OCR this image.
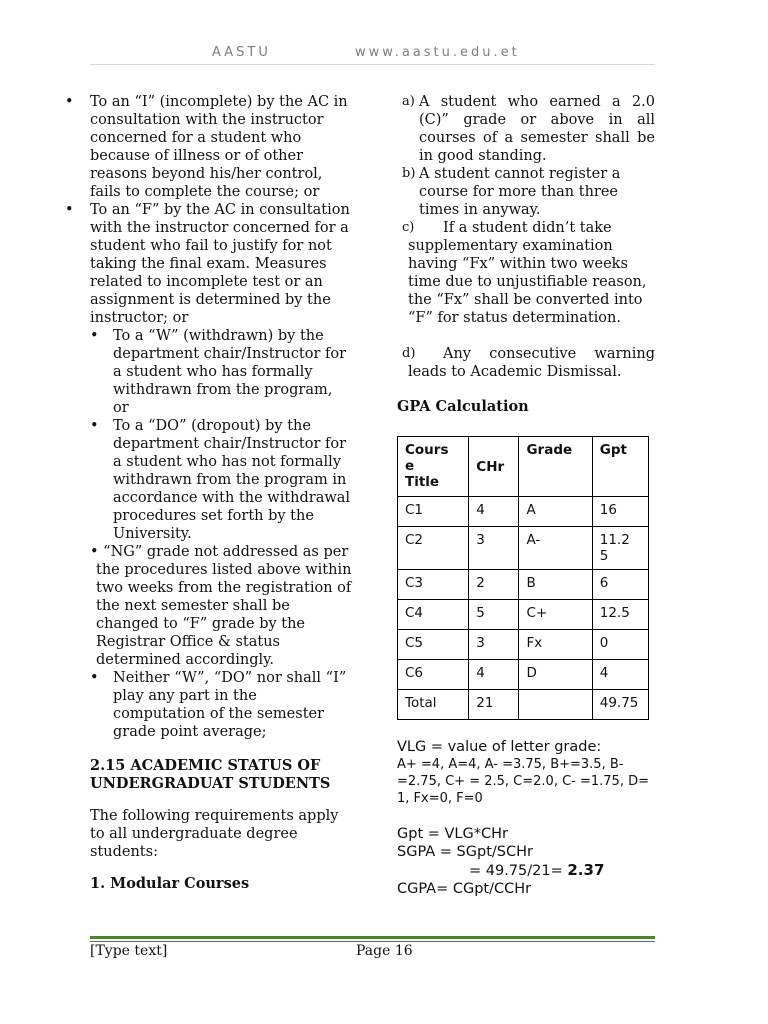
AASTU	www.aastu.edu.et
• To an “I” (incomplete) by the AC in consultation with the instructor concerned for a student who because of illness or of other reasons beyond his/her control, fails to complete the course; or
• To an “F” by the AC in consultation with the instructor concerned for a student who fail to justify for not taking the final exam. Measures related to incomplete test or an assignment is determined by the instructor; or
• To a “W” (withdrawn) by the department chair/Instructor for a student who has formally withdrawn from the program, or
• To a “DO” (dropout) by the department chair/Instructor for a student who has not formally withdrawn from the program in accordance with the withdrawal procedures set forth by the University.
• “NG” grade not addressed as per the procedures listed above within two weeks from the registration of the next semester shall be changed to “F” grade by the Registrar Office & status determined accordingly.
• Neither “W”, “DO” nor shall “I” play any part in the computation of the semester grade point average;
2.15 ACADEMIC STATUS OF UNDERGRADUAT STUDENTS
The following requirements apply to all undergraduate degree students:
1. Modular Courses
a) A student who earned a 2.0 (C)” grade or above in all courses of a semester shall be in good standing.
b) A student cannot register a course for more than three times in anyway.
c) If a student didn’t take supplementary examination having “Fx” within two weeks time due to unjustifiable reason, the “Fx” shall be converted into “F” for status determination.
d) Any consecutive warning leads to Academic Dismissal.
GPA Calculation
Cours
e
Title	CHr	Grade	Gpt
C1	4	A	16
C2	3	A-	11.2
5
C3	2	B	6
C4	5	C+	12.5
C5	3	Fx	0
C6	4	D	4
Total	21		49.75
VLG = value of letter grade:
A+ =4, A=4, A- =3.75, B+=3.5, B- =2.75, C+ = 2.5, C=2.0, C- =1.75, D= 1, Fx=0, F=0
Gpt = VLG*CHr
SGPA = SGpt/SCHr
= 49.75/21= 2.37
CGPA= CGpt/CCHr
[Type text]	Page 16
